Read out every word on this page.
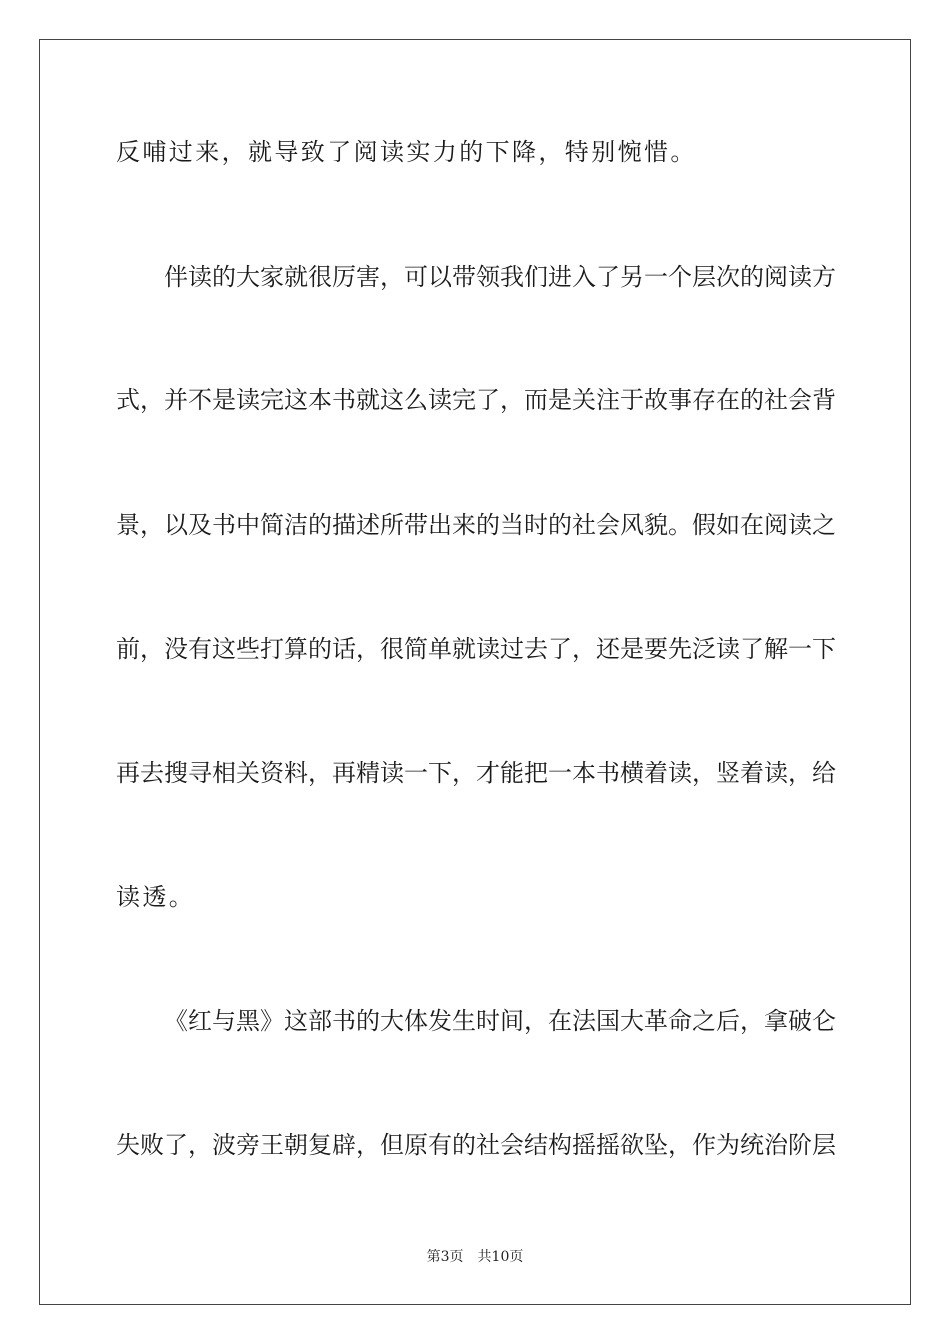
反哺过来，就导致了阅读实力的下降，特别惋惜。
伴读的大家就很厉害，可以带领我们进入了另一个层次的阅读方
式，并不是读完这本书就这么读完了，而是关注于故事存在的社会背
景，以及书中简洁的描述所带出来的当时的社会风貌。假如在阅读之
前，没有这些打算的话，很简单就读过去了，还是要先泛读了解一下
再去搜寻相关资料，再精读一下，才能把一本书横着读，竖着读，给
读透。
《红与黑》这部书的大体发生时间，在法国大革命之后，拿破仑
失败了，波旁王朝复辟，但原有的社会结构摇摇欲坠，作为统治阶层
第3页 共10页
